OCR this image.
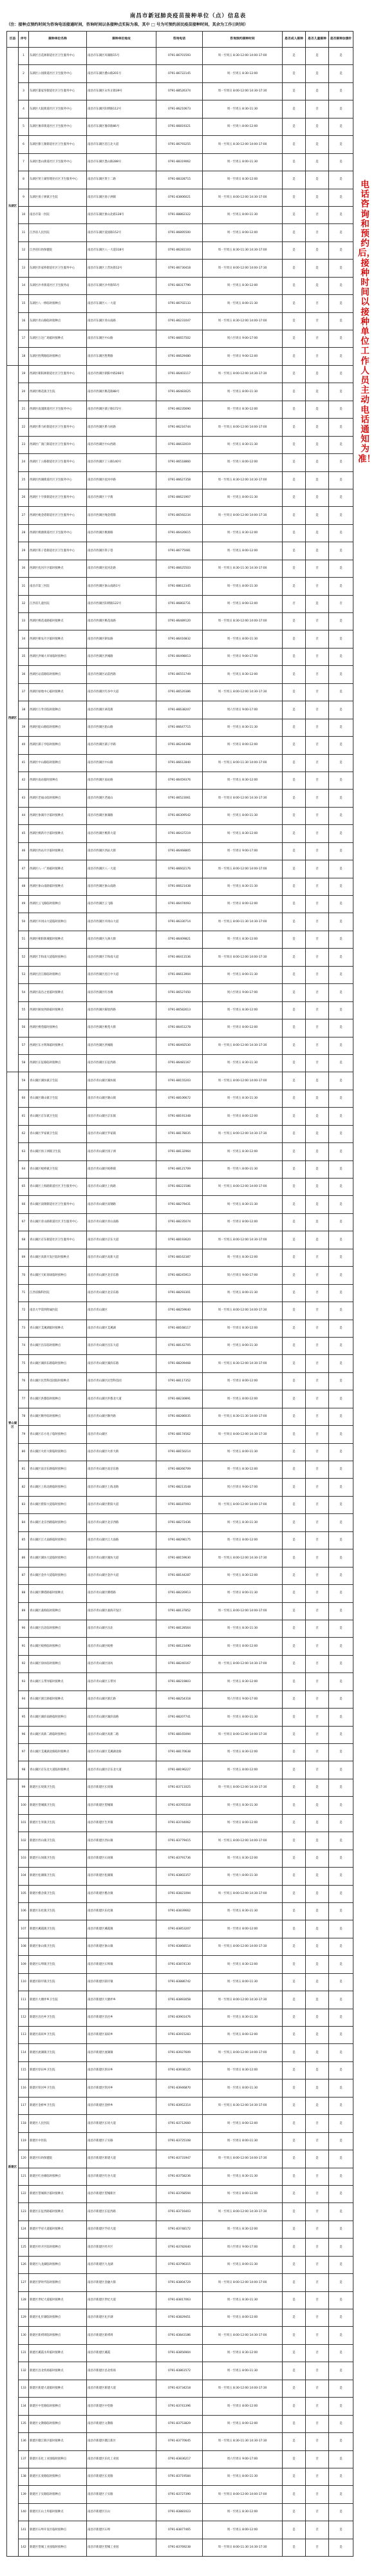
南昌市新冠肺炎疫苗接种单位（点）信息表
（注：接种点预约时间为咨询电话接通时间，咨询时间以各接种点实际为准，其中 □ 号为可预约居民疫苗接种时间，其余为工作日时间）
区县	序号	接种单位名称	接种单位地址	咨询电话	咨询预约接种时间	是否成人接种	是否儿童接种	是否接种加强针
东湖区	1	东湖区百花洲街道社区卫生服务中心	南昌市东湖区环湖路15号	0791-86701593	周一至周五 8:30-12:00 14:00-17:00	是	是	是
	2	东湖区公园街道社区卫生服务中心	南昌市东湖区叠山路201号	0791-86722145	周一至周五 8:30-12:00	是	是	是
	3	东湖区董家窑街道社区卫生服务中心	南昌市东湖区永外正街39号	0791-88526374	周一至周日 8:00-12:00 14:30-17:30	是	是	是
	4	东湖区大院街道社区卫生服务中心	南昌市东湖区阳明路112号	0791-86210673	周一至周五 8:30-11:30	是	否	是
	5	东湖区豫章街道社区卫生服务中心	南昌市东湖区豫章路86号	0791-86819321	周一至周六 8:00-12:00	是	是	是
	6	东湖区滕王阁街道社区卫生服务中心	南昌市东湖区沿江北大道	0791-86793255	周一至周五 8:30-12:00 14:00-17:00	是	是	是
	7	东湖区墨山街道社区卫生服务中心	南昌市东湖区墨山路288号	0791-88319062	周一至周五 8:00-11:30	是	是	是
	8	东湖区贤士湖管理处社区卫生服务中心	南昌市东湖区贤士二路	0791-88328715	周一至周日 8:30-12:00	是	是	是
	9	东湖区扬子洲镇卫生院	南昌市东湖区扬子洲镇	0791-83806021	周一至周五 8:00-12:00 14:30-17:00	是	是	是
	10	南昌市第一医院	南昌市东湖区象山北路128号	0791-88862322	周一至周五 8:00-11:30	是	否	是
	11	江西省人民医院	南昌市东湖区爱国路152号	0791-86895500	周一至周五 8:00-12:00	是	否	是
	12	江西省妇幼保健院	南昌市东湖区八一大道318号	0791-86281103	周一至周五 8:30-11:30 14:30-17:00	是	是	是
	13	东湖区彭家桥街道社区卫生服务中心	南昌市东湖区上营坊街12号	0791-86730418	周一至周日 8:00-12:00 14:00-17:30	是	是	是
	14	东湖区沙井街道社区卫生服务站	南昌市东湖区沙井路55号	0791-88317790	周一至周五 8:30-12:00	是	是	是
	15	东湖区八一桥临时接种点	南昌市东湖区八一大道	0791-86702133	周一至周五 8:00-11:30	是	否	是
	16	东湖区青山路临时接种点	南昌市东湖区青山南路	0791-86231047	周一至周五 8:30-12:00 14:00-17:00	是	否	是
	17	东湖区万达广场临时接种点	南昌市东湖区中山路	0791-86657502	周六至周日 9:00-17:00	是	否	是
	18	东湖区胜利路临时接种点	南昌市东湖区胜利路	0791-86629480	周一至周日 9:00-12:00	是	否	是
西湖区	19	西湖区朝阳洲街道社区卫生服务中心	南昌市西湖区朝阳中路266号	0791-86403117	周一至周五 8:00-12:00 14:30-17:30	是	是	是
	20	西湖区桃花镇卫生院	南昌市西湖区桃花路88号	0791-86483025	周一至周五 8:00-11:30	是	是	是
	21	西湖区南浦街道社区卫生服务中心	南昌市西湖区孺子路172号	0791-86235690	周一至周日 8:30-12:00	是	是	是
	22	西湖区系马桩街道社区卫生服务中心	南昌市西湖区系马桩路	0791-86216744	周一至周五 8:00-12:00 14:00-17:00	是	是	是
	23	西湖区广润门街道社区卫生服务中心	南昌市西湖区中山西路	0791-86632019	周一至周五 8:30-11:30	是	是	是
	24	西湖区丁公路街道社区卫生服务中心	南昌市西湖区丁公路140号	0791-86518860	周一至周六 8:00-12:00	是	是	是
	25	西湖区西湖街道社区卫生服务中心	南昌市西湖区抚河中路	0791-86627358	周一至周五 8:30-12:00 14:30-17:00	是	是	是
	26	西湖区十字街街道社区卫生服务中心	南昌市西湖区十字街	0791-86621907	周一至周五 8:00-11:30	是	是	是
	27	西湖区绳金塔街道社区卫生服务中心	南昌市西湖区绳金塔街	0791-86592234	周一至周日 8:00-12:00 14:00-17:30	是	是	是
	28	西湖区桃源街道社区卫生服务中心	南昌市西湖区桃源路	0791-86426615	周一至周五 8:30-12:00	是	是	是
	29	西湖区筷子巷街道社区卫生服务中心	南昌市西湖区筷子巷	0791-86775081	周一至周五 8:00-12:00	是	是	是
	30	西湖区抚河片区临时接种点	南昌市西湖区抚河北路	0791-86625503	周一至周五 8:30-11:30 14:30-17:00	是	否	是
	31	南昌市第三医院	南昌市西湖区象山南路1号	0791-88612345	周一至周五 8:00-11:30	是	否	是
	32	江西省儿童医院	南昌市西湖区阳明路122号	0791-86802731	周一至周五 8:00-12:00	否	是	否
	33	西湖区桃花南路临时接种点	南昌市西湖区桃花南路	0791-86489120	周一至周日 8:30-12:00 14:00-17:00	是	否	是
	34	西湖区朝农片区临时接种点	南昌市西湖区朝农路	0791-86416832	周一至周五 8:00-11:30	是	否	是
	35	西湖区洪城大市场临时接种点	南昌市西湖区洪城路	0791-86498013	周一至周日 9:00-17:00	是	否	是
	36	西湖区站前路临时接种点	南昌市西湖区站前西路	0791-86551749	周一至周五 8:30-12:00	是	否	是
	37	西湖区绿地中心临时接种点	南昌市西湖区红谷中大道	0791-86520386	周一至周五 8:00-12:00 14:30-17:30	是	否	是
	38	西湖区万寿宫临时接种点	南昌市西湖区翠花街	0791-86638207	周六至周日 9:00-17:00	是	否	是
	39	西湖区船山路临时接种点	南昌市西湖区船山路	0791-86647715	周一至周五 8:30-11:30	是	否	是
	40	西湖区孺子亭临时接种点	南昌市西湖区孺子亭路	0791-86244398	周一至周日 8:00-12:00	是	否	是
	41	西湖区中山路临时接种点	南昌市西湖区中山路	0791-86612840	周一至周五 8:00-11:30 14:00-17:00	是	否	是
	42	西湖区南站临时接种点	南昌市西湖区南站路	0791-86459376	周一至周五 8:30-12:00	是	否	是
	43	西湖区老福山临时接种点	南昌市西湖区老福山	0791-86523061	周一至周日 8:00-12:00 14:30-17:30	是	否	是
	44	西湖区象湖片区临时接种点	南昌市西湖区象湖路	0791-86309542	周一至周五 8:00-11:30	是	否	是
	45	西湖区桃新片区临时接种点	南昌市西湖区桃新大道	0791-86437219	周一至周五 8:30-12:00	是	否	是
	46	西湖区西站片区临时接种点	南昌市西湖区西站大街	0791-86468805	周一至周日 9:00-17:00	是	否	是
	47	西湖区八一广场临时接种点	南昌市西湖区八一大道	0791-86602176	周一至周五 8:00-12:00 14:00-17:00	是	否	是
	48	西湖区象山南路临时接种点	南昌市西湖区象山南路	0791-86621438	周一至周五 8:30-11:30	是	否	是
	49	西湖区云飞路临时接种点	南昌市西湖区云飞路	0791-86474093	周一至周日 8:00-12:00	是	否	是
	50	西湖区井冈山大道临时接种点	南昌市西湖区井冈山大道	0791-86330714	周一至周五 8:00-11:30 14:30-17:00	是	否	是
	51	西湖区朝阳新城临时接种点	南昌市西湖区九洲大街	0791-86409821	周一至周五 8:30-12:00	是	否	是
	52	西湖区丰和南大道临时接种点	南昌市西湖区丰和南大道	0791-86411536	周一至周日 8:00-12:00 14:00-17:30	是	否	是
	53	西湖区沿江路临时接种点	南昌市西湖区沿江中大道	0791-86613904	周一至周五 8:00-11:30	是	否	是
	54	西湖区南昌之星临时接种点	南昌市西湖区红谷滩	0791-86527450	周六至周日 9:00-17:00	是	否	是
	55	西湖区解放西路临时接种点	南昌市西湖区解放西路	0791-86582613	周一至周五 8:30-12:00	是	否	是
	56	西湖区桃苑临时接种点	南昌市西湖区桃苑大街	0791-86451278	周一至周日 8:00-12:00	是	否	是
	57	西湖区东方明珠临时接种点	南昌市西湖区洪城路	0791-86492530	周一至周五 8:00-12:00 14:30-17:30	是	否	是
	58	西湖区长征路临时接种点	南昌市西湖区长征西路	0791-86481167	周一至周五 8:30-11:30	是	否	是
青山湖区	59	青山湖区湖坊镇卫生院	南昌市青山湖区湖坊镇	0791-88155203	周一至周五 8:00-12:00 14:00-17:00	是	是	是
	60	青山湖区塘山镇卫生院	南昌市青山湖区塘山镇	0791-88106672	周一至周五 8:30-11:30	是	是	是
	61	青山湖区京东镇卫生院	南昌市青山湖区京东镇	0791-88191348	周一至周日 8:00-12:00	是	是	是
	62	青山湖区罗家镇卫生院	南昌市青山湖区罗家镇	0791-88178035	周一至周五 8:00-12:00 14:30-17:30	是	是	是
	63	青山湖区扬子洲镇卫生院	南昌市青山湖区扬子洲	0791-88132964	周一至周五 8:30-12:00	是	是	是
	64	青山湖区蛟桥镇卫生院	南昌市青山湖区蛟桥镇	0791-88121709	周一至周六 8:00-11:30	是	是	是
	65	青山湖区上海路街道社区卫生服务中心	南昌市青山湖区上海路	0791-88221586	周一至周五 8:00-12:00 14:00-17:00	是	是	是
	66	青山湖区南钢街道社区卫生服务中心	南昌市青山湖区南钢路	0791-88279431	周一至周五 8:30-11:30	是	是	是
	67	青山湖区青山路街道社区卫生服务中心	南昌市青山湖区青山南路	0791-88235074	周一至周日 8:00-12:00	是	是	是
	68	青山湖区京东街道社区卫生服务中心	南昌市青山湖区京东大道	0791-88193620	周一至周五 8:00-12:00 14:30-17:00	是	是	是
	69	青山湖区高新开发区临时接种点	南昌市青山湖区高新大道	0791-88162387	周一至周五 8:30-12:00	是	否	是
	70	青山湖区天虹商场临时接种点	南昌市青山湖区北京东路	0791-88245913	周六至周日 9:00-17:00	是	否	是
	71	江西省胸科医院	南昌市青山湖区北京东路	0791-88293301	周一至周五 8:00-11:30	是	否	是
	72	南昌大学第四附属医院	南昌市青山湖区	0791-88259640	周一至周五 8:00-12:00 14:00-17:30	是	否	是
	73	青山湖区艾溪湖临时接种点	南昌市青山湖区艾溪湖	0791-88168117	周一至周日 8:30-12:00	是	否	是
	74	青山湖区昌东临时接种点	南昌市青山湖区昌东大道	0791-88142705	周一至周五 8:00-11:30	是	否	是
	75	青山湖区湖滨东路临时接种点	南昌市青山湖区湖滨东路	0791-88209468	周一至周五 8:30-12:00 14:30-17:00	是	否	是
	76	青山湖区民营科技园临时接种点	南昌市青山湖区民营科技园	0791-88117352	周一至周日 8:00-12:00	是	否	是
	77	青山湖区洪都临时接种点	南昌市青山湖区洪都北大道	0791-88230891	周一至周五 8:00-12:00	是	否	是
	78	青山湖区顺外临时接种点	南昌市青山湖区顺外路	0791-88286035	周一至周五 8:30-11:30 14:00-17:00	是	否	是
	79	青山湖区东方电子临时接种点	南昌市青山湖区	0791-88174562	周一至周日 8:00-12:00 14:30-17:30	是	否	是
	80	青山湖区火炬大街临时接种点	南昌市青山湖区火炬大街	0791-88150214	周一至周五 8:00-11:30	是	否	是
	81	青山湖区南京东路临时接种点	南昌市青山湖区南京东路	0791-88266709	周一至周五 8:30-12:00	是	否	是
	82	青山湖区上海北路临时接种点	南昌市青山湖区上海北路	0791-88213548	周六至周日 9:00-17:00	是	否	是
	83	青山湖区紫阳大道临时接种点	南昌市青山湖区紫阳大道	0791-88187093	周一至周五 8:00-12:00 14:00-17:00	是	否	是
	84	青山湖区北京西路临时接种点	南昌市青山湖区北京西路	0791-88272436	周一至周五 8:30-11:30	是	否	是
	85	青山湖区江大南路临时接种点	南昌市青山湖区江大南路	0791-88298175	周一至周日 8:00-12:00	是	否	是
	86	青山湖区湖坊大道临时接种点	南昌市青山湖区湖坊大道	0791-88159630	周一至周五 8:00-12:00 14:30-17:30	是	否	是
	87	青山湖区金沙大道临时接种点	南昌市青山湖区金沙大道	0791-88144287	周一至周五 8:30-12:00	是	否	是
	88	青山湖区佛塔路临时接种点	南昌市青山湖区佛塔路	0791-88226913	周一至周日 8:00-11:30	是	否	是
	89	青山湖区桑海临时接种点	南昌市青山湖区桑海开发区	0791-88137852	周一至周五 8:00-12:00 14:00-17:00	是	否	是
	90	青山湖区昌北临时接种点	南昌市青山湖区昌北	0791-88128564	周一至周五 8:30-11:30	是	否	是
	91	青山湖区蛟桥临时接种点	南昌市青山湖区蛟桥	0791-88123490	周一至周日 8:00-12:00	是	否	是
	92	青山湖区徐坊临时接种点	南昌市青山湖区徐坊	0791-88240167	周一至周五 8:00-12:00 14:30-17:00	是	否	是
	93	青山湖区玉带河临时接种点	南昌市青山湖区玉带河	0791-88219803	周一至周五 8:30-12:00	是	否	是
	94	青山湖区浙江路临时接种点	南昌市青山湖区浙江路	0791-88254318	周六至周日 9:00-17:00	是	否	是
	95	青山湖区湖滨南路临时接种点	南昌市青山湖区湖滨南路	0791-88207741	周一至周五 8:00-11:30	是	否	是
	96	青山湖区高新二路临时接种点	南昌市青山湖区高新二路	0791-88165094	周一至周日 8:00-12:00 14:00-17:30	是	否	是
	97	青山湖区艾溪湖北路临时接种点	南昌市青山湖区艾溪湖北路	0791-88170638	周一至周五 8:30-12:00	是	否	是
	98	青山湖区京东北大道临时接种点	南昌市青山湖区京东北大道	0791-88196227	周一至周五 8:00-12:00	是	否	是
新建区	99	新建区长堎镇卫生院	南昌市新建区长堎镇	0791-83711025	周一至周五 8:00-12:00 14:30-17:30	是	是	是
	100	新建区望城镇卫生院	南昌市新建区望城镇	0791-83765318	周一至周五 8:30-11:30	是	是	是
	101	新建区生米镇卫生院	南昌市新建区生米镇	0791-83744062	周一至周日 8:00-12:00	是	是	是
	102	新建区西山镇卫生院	南昌市新建区西山镇	0791-83779415	周一至周五 8:00-12:00 14:00-17:00	是	是	是
	103	新建区石岗镇卫生院	南昌市新建区石岗镇	0791-83791736	周一至周五 8:30-12:00	是	是	是
	104	新建区松湖镇卫生院	南昌市新建区松湖镇	0791-83802357	周一至周六 8:00-11:30	是	是	是
	105	新建区樵舍镇卫生院	南昌市新建区樵舍镇	0791-83821094	周一至周五 8:00-12:00 14:30-17:00	是	是	是
	106	新建区乐化镇卫生院	南昌市新建区乐化镇	0791-83839662	周一至周五 8:30-11:30	是	是	是
	107	新建区溪霞镇卫生院	南昌市新建区溪霞镇	0791-83853207	周一至周日 8:00-12:00	是	是	是
	108	新建区象山镇卫生院	南昌市新建区象山镇	0791-83868514	周一至周五 8:00-12:00 14:00-17:30	是	是	是
	109	新建区石埠镇卫生院	南昌市新建区石埠镇	0791-83874130	周一至周五 8:30-12:00	是	是	是
	110	新建区联圩镇卫生院	南昌市新建区联圩镇	0791-83886742	周一至周五 8:00-11:30	是	是	是
	111	新建区大塘坪乡卫生院	南昌市新建区大塘坪乡	0791-83893058	周一至周日 8:00-12:00 14:30-17:30	是	是	是
	112	新建区昌邑乡卫生院	南昌市新建区昌邑乡	0791-83901476	周一至周五 8:30-11:30	是	是	是
	113	新建区南矶乡卫生院	南昌市新建区南矶乡	0791-83915283	周一至周五 8:00-12:00	是	是	是
	114	新建区流湖镇卫生院	南昌市新建区流湖镇	0791-83927609	周一至周五 8:00-12:00 14:00-17:00	是	是	是
	115	新建区厚田乡卫生院	南昌市新建区厚田乡	0791-83938125	周一至周日 8:30-12:00	是	是	是
	116	新建区铁河乡卫生院	南昌市新建区铁河乡	0791-83946870	周一至周五 8:00-11:30	是	是	是
	117	新建区金桥乡卫生院	南昌市新建区金桥乡	0791-83952314	周一至周五 8:30-12:00 14:30-17:00	是	是	是
	118	新建区人民医院	南昌市新建区长堎大道	0791-83712660	周一至周五 8:00-12:00	是	否	是
	119	新建区中医院	南昌市新建区子实路	0791-83725108	周一至周日 8:00-11:30	是	否	是
	120	新建区妇幼保健院	南昌市新建区新建大道	0791-83731947	周一至周五 8:00-12:00 14:00-17:30	是	是	是
	121	新建区红谷滩临时接种点	南昌市新建区红谷大道	0791-83758236	周一至周五 8:30-11:30	是	否	是
	122	新建区望城新区临时接种点	南昌市新建区望城新区	0791-83768594	周一至周日 8:00-12:00	是	否	是
	123	新建区长征西路临时接种点	南昌市新建区长征西路	0791-83716403	周一至周五 8:00-12:00 14:30-17:30	是	否	是
	124	新建区学府大道临时接种点	南昌市新建区学府大道	0791-83748172	周一至周五 8:30-12:00	是	否	是
	125	新建区经开区临时接种点	南昌市新建区经开区	0791-83782640	周六至周日 9:00-17:00	是	否	是
	126	新建区九龙湖临时接种点	南昌市新建区九龙湖	0791-83796315	周一至周五 8:00-11:30	是	否	是
	127	新建区梦时代临时接种点	南昌市新建区金融大街	0791-83804729	周一至周日 8:00-12:00 14:00-17:00	是	否	是
	128	新建区世纪大道临时接种点	南昌市新建区世纪大道	0791-83817063	周一至周五 8:30-11:30	是	否	是
	129	新建区礼步湖临时接种点	南昌市新建区礼步湖	0791-83829451	周一至周五 8:00-12:00	是	否	是
	130	新建区新祺周临时接种点	南昌市新建区新祺周	0791-83843186	周一至周五 8:00-12:00 14:30-17:00	是	否	是
	131	新建区溪霞水库临时接种点	南昌市新建区溪霞	0791-83856904	周一至周日 8:30-12:00	是	否	是
	132	新建区昌北机场临时接种点	南昌市新建区昌北机场	0791-83861572	周一至周五 8:00-11:30	是	否	是
	133	新建区新建大道临时接种点	南昌市新建区新建大道	0791-83734218	周一至周五 8:30-12:00 14:00-17:30	是	否	是
	134	新建区中堂路临时接种点	南昌市新建区中堂路	0791-83741396	周一至周日 8:00-12:00	是	否	是
	135	新建区文教路临时接种点	南昌市新建区文教路	0791-83753829	周一至周五 8:00-12:00	是	否	是
	136	新建区赣江新区临时接种点	南昌市新建区赣江新区	0791-83770645	周一至周五 8:30-11:30 14:30-17:30	是	否	是
	137	新建区乐化工业园临时接种点	南昌市新建区乐化工业园	0791-83836217	周六至周日 9:00-17:00	是	否	是
	138	新建区长麦路临时接种点	南昌市新建区长麦路	0791-83719584	周一至周五 8:00-11:30	是	否	是
	139	新建区子实路临时接种点	南昌市新建区子实路	0791-83727390	周一至周日 8:00-12:00 14:00-17:00	是	否	是
	140	新建区汪山土库临时接种点	南昌市新建区汪山	0791-83881023	周一至周五 8:30-12:00	是	否	是
	141	新建区石埠开发区临时接种点	南昌市新建区石埠	0791-83877465	周一至周五 8:00-12:00	是	否	是
	142	新建区望城工业园临时接种点	南昌市新建区望城工业园	0791-83769238	周一至周日 8:00-11:30 14:30-17:30	是	否	是
电话咨询和预约后，接种时间以接种单位工作人员主动电话通知为准！
